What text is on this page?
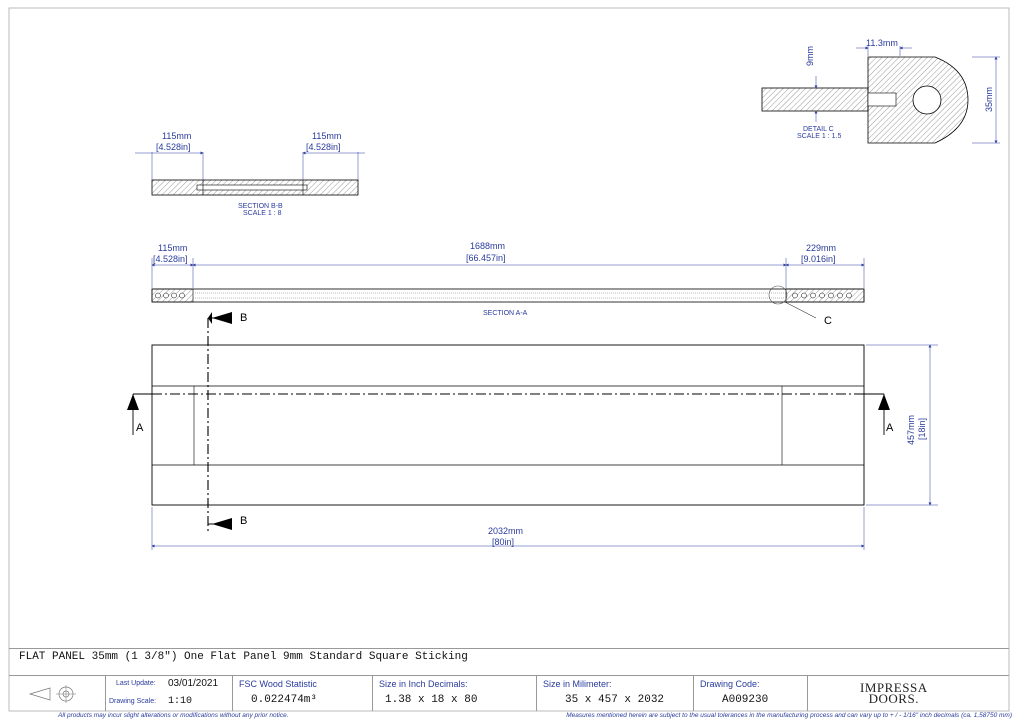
115mm
[4.528in]
115mm
[4.528in]
SECTION B-B
SCALE 1 : 8
11.3mm
9mm
35mm
DETAIL C
SCALE 1 : 1.5
C
115mm
[4.528in]
1688mm
[66.457in]
229mm
[9.016in]
SECTION A-A
A	A
B
B
457mm [18in]
2032mm
[80in]
FLAT PANEL 35mm (1 3/8") One Flat Panel 9mm Standard Square Sticking
Last Update: 03/01/2021
Drawing Scale: 1:10
FSC Wood Statistic
0.022474m³
Size in Inch Decimals:
1.38 x 18 x 80
Size in Milimeter:
35 x 457 x 2032
Drawing Code:
A009230
IMPRESSA
DOORS.
All products may incur slight alterations or modifications without any prior notice.	Measures mentioned herein are subject to the usual tolerances in the manufacturing process and can vary up to + / - 1/16" inch decimals (ca. 1,58750 mm)
